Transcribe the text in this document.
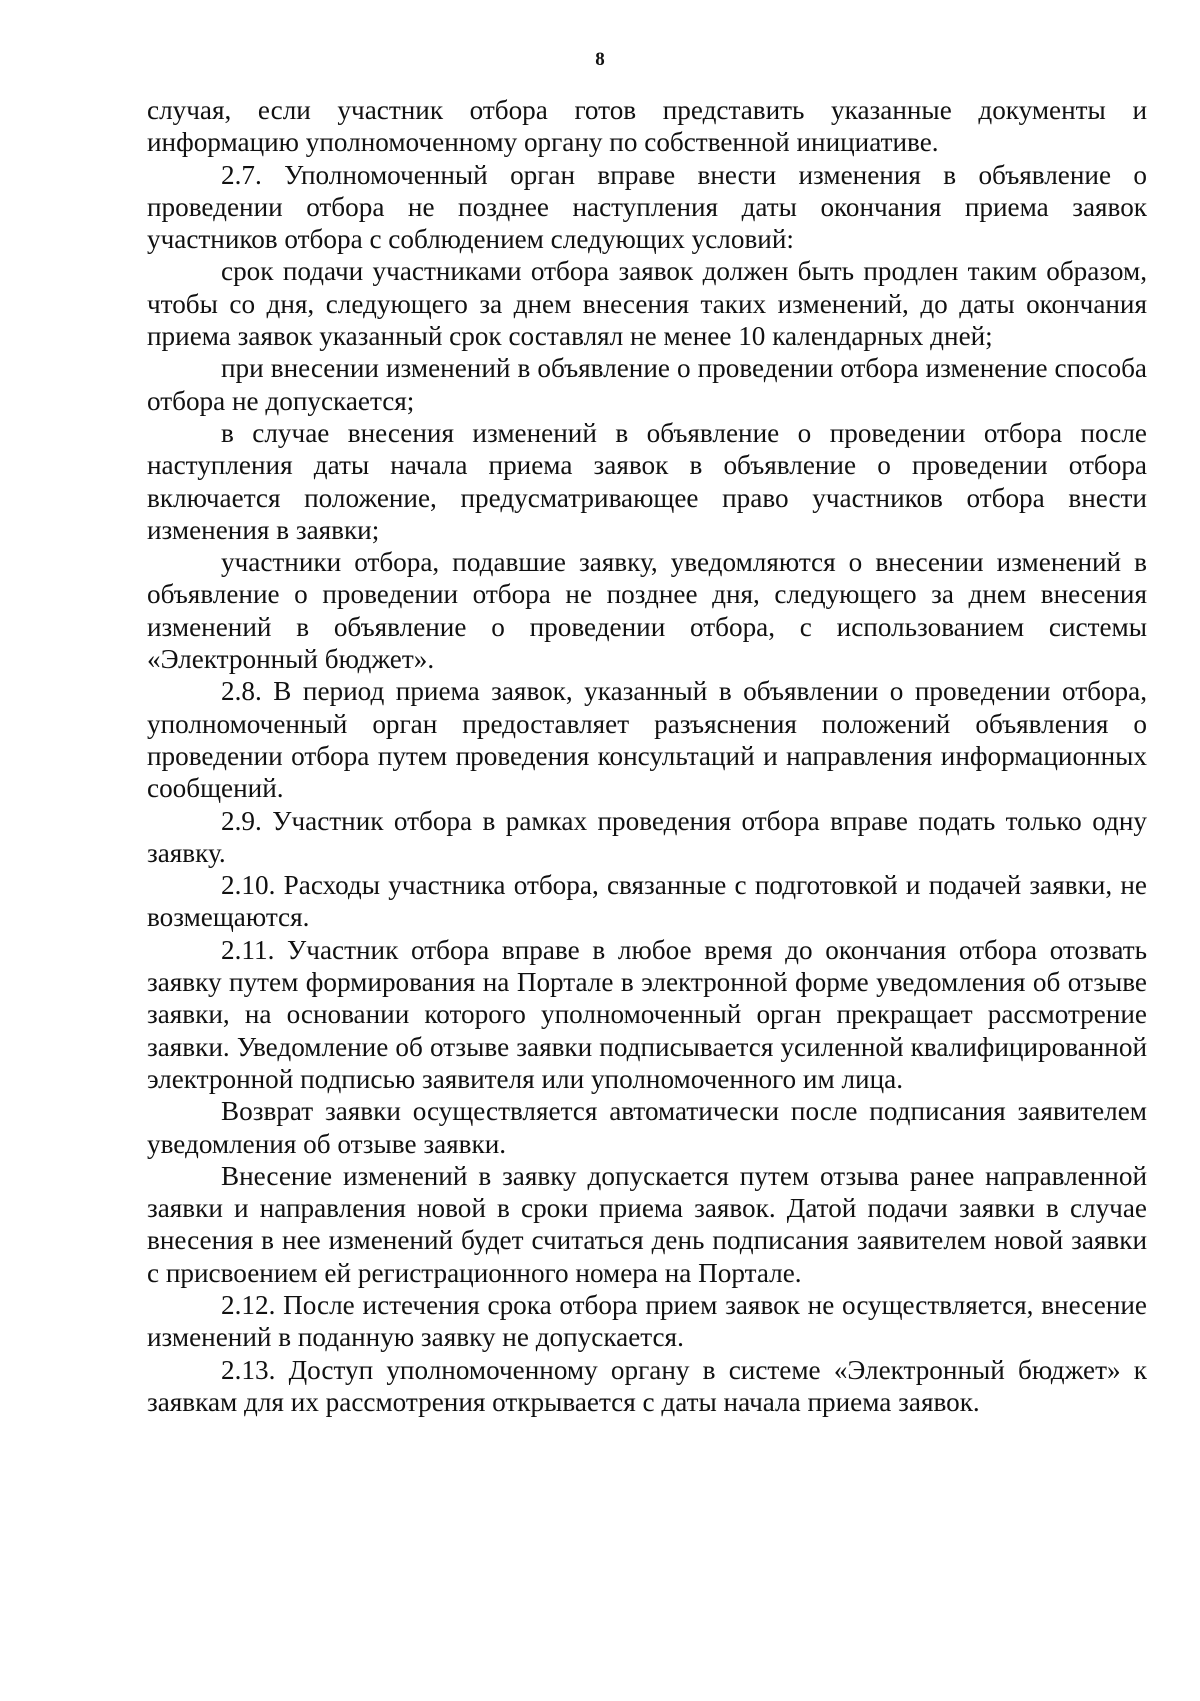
8

случая, если участник отбора готов представить указанные документы и информацию уполномоченному органу по собственной инициативе.

2.7. Уполномоченный орган вправе внести изменения в объявление о проведении отбора не позднее наступления даты окончания приема заявок участников отбора с соблюдением следующих условий:

срок подачи участниками отбора заявок должен быть продлен таким образом, чтобы со дня, следующего за днем внесения таких изменений, до даты окончания приема заявок указанный срок составлял не менее 10 календарных дней;

при внесении изменений в объявление о проведении отбора изменение способа отбора не допускается;

в случае внесения изменений в объявление о проведении отбора после наступления даты начала приема заявок в объявление о проведении отбора включается положение, предусматривающее право участников отбора внести изменения в заявки;

участники отбора, подавшие заявку, уведомляются о внесении изменений в объявление о проведении отбора не позднее дня, следующего за днем внесения изменений в объявление о проведении отбора, с использованием системы «Электронный бюджет».

2.8. В период приема заявок, указанный в объявлении о проведении отбора, уполномоченный орган предоставляет разъяснения положений объявления о проведении отбора путем проведения консультаций и направления информационных сообщений.

2.9. Участник отбора в рамках проведения отбора вправе подать только одну заявку.

2.10. Расходы участника отбора, связанные с подготовкой и подачей заявки, не возмещаются.

2.11. Участник отбора вправе в любое время до окончания отбора отозвать заявку путем формирования на Портале в электронной форме уведомления об отзыве заявки, на основании которого уполномоченный орган прекращает рассмотрение заявки. Уведомление об отзыве заявки подписывается усиленной квалифицированной электронной подписью заявителя или уполномоченного им лица.

Возврат заявки осуществляется автоматически после подписания заявителем уведомления об отзыве заявки.

Внесение изменений в заявку допускается путем отзыва ранее направленной заявки и направления новой в сроки приема заявок. Датой подачи заявки в случае внесения в нее изменений будет считаться день подписания заявителем новой заявки с присвоением ей регистрационного номера на Портале.

2.12. После истечения срока отбора прием заявок не осуществляется, внесение изменений в поданную заявку не допускается.

2.13. Доступ уполномоченному органу в системе «Электронный бюджет» к заявкам для их рассмотрения открывается с даты начала приема заявок.
